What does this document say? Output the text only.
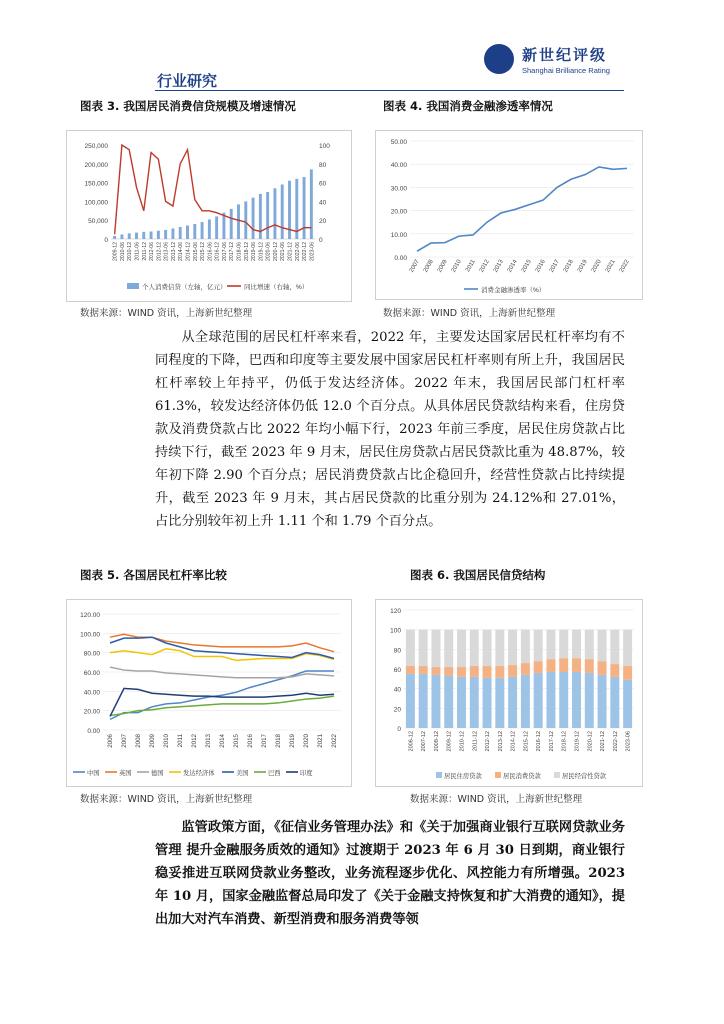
新世纪评级
Shanghai Brilliance Rating
行业研究
图表 3. 我国居民消费信贷规模及增速情况
0
50,000
100,000
150,000
200,000
250,000
0
20
40
60
80
100
2009-12 2010-06 2010-12 2011-06 2011-12 2012-06 2012-12 2013-06 2013-12 2014-06 2014-12 2015-06 2015-12 2016-06 2016-12 2017-06 2017-12 2018-06 2018-12 2019-06 2019-12 2020-06 2020-12 2021-06 2021-12 2022-06 2022-12 2023-06
个人消费信贷（左轴，亿元）	同比增速（右轴，%）
数据来源：WIND 资讯，上海新世纪整理
图表 4. 我国消费金融渗透率情况
0.00
10.00
20.00
30.00
40.00
50.00
2007 2008 2009 2010 2011 2012 2013 2014 2015 2016 2017 2018 2019 2020 2021 2022
消费金融渗透率（%）
数据来源：WIND 资讯，上海新世纪整理
从全球范围的居民杠杆率来看，2022 年，主要发达国家居民杠杆率均有不同程度的下降，巴西和印度等主要发展中国家居民杠杆率则有所上升，我国居民杠杆率较上年持平，仍低于发达经济体。2022 年末，我国居民部门杠杆率 61.3%，较发达经济体仍低 12.0 个百分点。从具体居民贷款结构来看，住房贷款及消费贷款占比 2022 年均小幅下行，2023 年前三季度，居民住房贷款占比持续下行，截至 2023 年 9 月末，居民住房贷款占居民贷款比重为 48.87%，较年初下降 2.90 个百分点；居民消费贷款占比企稳回升，经营性贷款占比持续提升，截至 2023 年 9 月末，其占居民贷款的比重分别为 24.12%和 27.01%，占比分别较年初上升 1.11 个和 1.79 个百分点。
图表 5. 各国居民杠杆率比较
0.00
20.00
40.00
60.00
80.00
100.00
120.00
2006 2007 2008 2009 2010 2011 2012 2013 2014 2015 2016 2017 2018 2019 2020 2021 2022
中国	英国	德国	发达经济体	美国	巴西	印度
数据来源：WIND 资讯，上海新世纪整理
图表 6. 我国居民信贷结构
0
20
40
60
80
100
120
2006-12 2007-12 2008-12 2009-12 2010-12 2011-12 2012-12 2013-12 2014-12 2015-12 2016-12 2017-12 2018-12 2019-12 2020-12 2021-12 2022-12 2023-06
居民住房贷款	居民消费贷款	居民经营性贷款
数据来源：WIND 资讯，上海新世纪整理
监管政策方面，《征信业务管理办法》和《关于加强商业银行互联网贷款业务管理 提升金融服务质效的通知》过渡期于 2023 年 6 月 30 日到期，商业银行稳妥推进互联网贷款业务整改，业务流程逐步优化、风控能力有所增强。2023 年 10 月，国家金融监督总局印发了《关于金融支持恢复和扩大消费的通知》，提出加大对汽车消费、新型消费和服务消费等领
